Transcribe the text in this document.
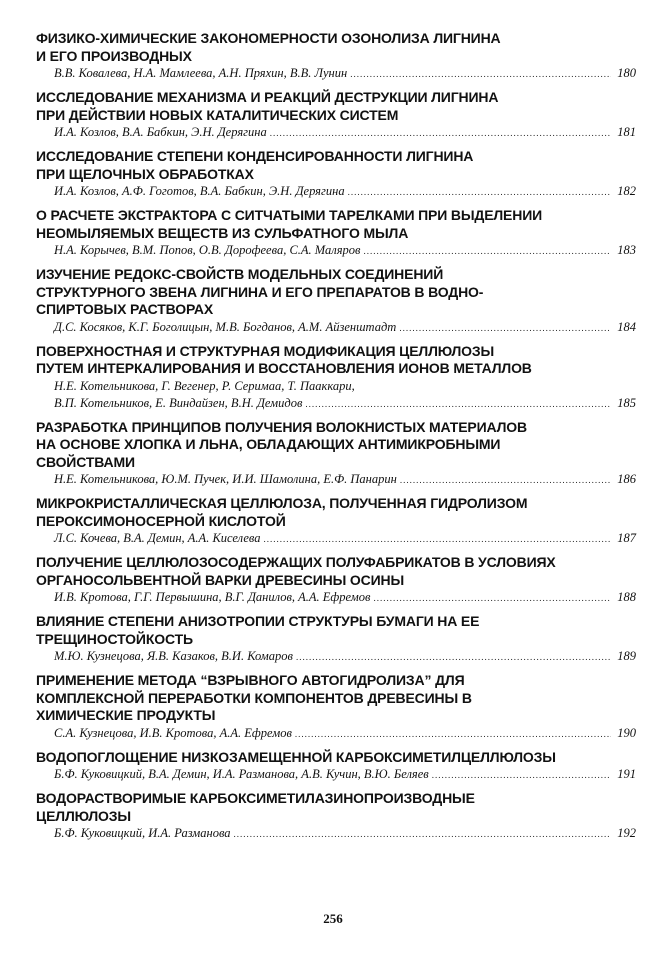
ФИЗИКО-ХИМИЧЕСКИЕ ЗАКОНОМЕРНОСТИ ОЗОНОЛИЗА ЛИГНИНА
И ЕГО ПРОИЗВОДНЫХ
В.В. Ковалева, Н.А. Мамлеева, А.Н. Пряхин, В.В. Лунин .....	180
ИССЛЕДОВАНИЕ МЕХАНИЗМА И РЕАКЦИЙ ДЕСТРУКЦИИ ЛИГНИНА
ПРИ ДЕЙСТВИИ НОВЫХ КАТАЛИТИЧЕСКИХ СИСТЕМ
И.А. Козлов, В.А. Бабкин, Э.Н. Дерягина .....	181
ИССЛЕДОВАНИЕ СТЕПЕНИ КОНДЕНСИРОВАННОСТИ ЛИГНИНА
ПРИ ЩЕЛОЧНЫХ ОБРАБОТКАХ
И.А. Козлов, А.Ф. Гоготов, В.А. Бабкин, Э.Н. Дерягина .....	182
О РАСЧЕТЕ ЭКСТРАКТОРА С СИТЧАТЫМИ ТАРЕЛКАМИ ПРИ ВЫДЕЛЕНИИ
НЕОМЫЛЯЕМЫХ ВЕЩЕСТВ ИЗ СУЛЬФАТНОГО МЫЛА
Н.А. Корычев, В.М. Попов, О.В. Дорофеева, С.А. Маляров .....	183
ИЗУЧЕНИЕ РЕДОКС-СВОЙСТВ МОДЕЛЬНЫХ СОЕДИНЕНИЙ
СТРУКТУРНОГО ЗВЕНА ЛИГНИНА И ЕГО ПРЕПАРАТОВ В ВОДНО-
СПИРТОВЫХ РАСТВОРАХ
Д.С. Косяков, К.Г. Боголицын, М.В. Богданов, А.М. Айзенштадт .....	184
ПОВЕРХНОСТНАЯ И СТРУКТУРНАЯ МОДИФИКАЦИЯ ЦЕЛЛЮЛОЗЫ
ПУТЕМ ИНТЕРКАЛИРОВАНИЯ И ВОССТАНОВЛЕНИЯ ИОНОВ МЕТАЛЛОВ
Н.Е. Котельникова, Г. Вегенер, Р. Серимаа, Т. Пааккари,
В.П. Котельников, Е. Виндайзен, В.Н. Демидов .....	185
РАЗРАБОТКА ПРИНЦИПОВ ПОЛУЧЕНИЯ ВОЛОКНИСТЫХ МАТЕРИАЛОВ
НА ОСНОВЕ ХЛОПКА И ЛЬНА, ОБЛАДАЮЩИХ АНТИМИКРОБНЫМИ
СВОЙСТВАМИ
Н.Е. Котельникова, Ю.М. Пучек, И.И. Шамолина, Е.Ф. Панарин .....	186
МИКРОКРИСТАЛЛИЧЕСКАЯ ЦЕЛЛЮЛОЗА, ПОЛУЧЕННАЯ ГИДРОЛИЗОМ
ПЕРОКСИМОНОСЕРНОЙ КИСЛОТОЙ
Л.С. Кочева, В.А. Демин, А.А. Киселева .....	187
ПОЛУЧЕНИЕ ЦЕЛЛЮЛОЗОСОДЕРЖАЩИХ ПОЛУФАБРИКАТОВ В УСЛОВИЯХ
ОРГАНОСОЛЬВЕНТНОЙ ВАРКИ ДРЕВЕСИНЫ ОСИНЫ
И.В. Кротова, Г.Г. Первышина, В.Г. Данилов, А.А. Ефремов .....	188
ВЛИЯНИЕ СТЕПЕНИ АНИЗОТРОПИИ СТРУКТУРЫ БУМАГИ НА ЕЕ
ТРЕЩИНОСТОЙКОСТЬ
М.Ю. Кузнецова, Я.В. Казаков, В.И. Комаров .....	189
ПРИМЕНЕНИЕ МЕТОДА “ВЗРЫВНОГО АВТОГИДРОЛИЗА” ДЛЯ
КОМПЛЕКСНОЙ ПЕРЕРАБОТКИ КОМПОНЕНТОВ ДРЕВЕСИНЫ В
ХИМИЧЕСКИЕ ПРОДУКТЫ
С.А. Кузнецова, И.В. Кротова, А.А. Ефремов .....	190
ВОДОПОГЛОЩЕНИЕ НИЗКОЗАМЕЩЕННОЙ КАРБОКСИМЕТИЛЦЕЛЛЮЛОЗЫ
Б.Ф. Куковицкий, В.А. Демин, И.А. Разманова, А.В. Кучин, В.Ю. Беляев .....	191
ВОДОРАСТВОРИМЫЕ КАРБОКСИМЕТИЛАЗИНОПРОИЗВОДНЫЕ
ЦЕЛЛЮЛОЗЫ
Б.Ф. Куковицкий, И.А. Разманова .....	192
256
